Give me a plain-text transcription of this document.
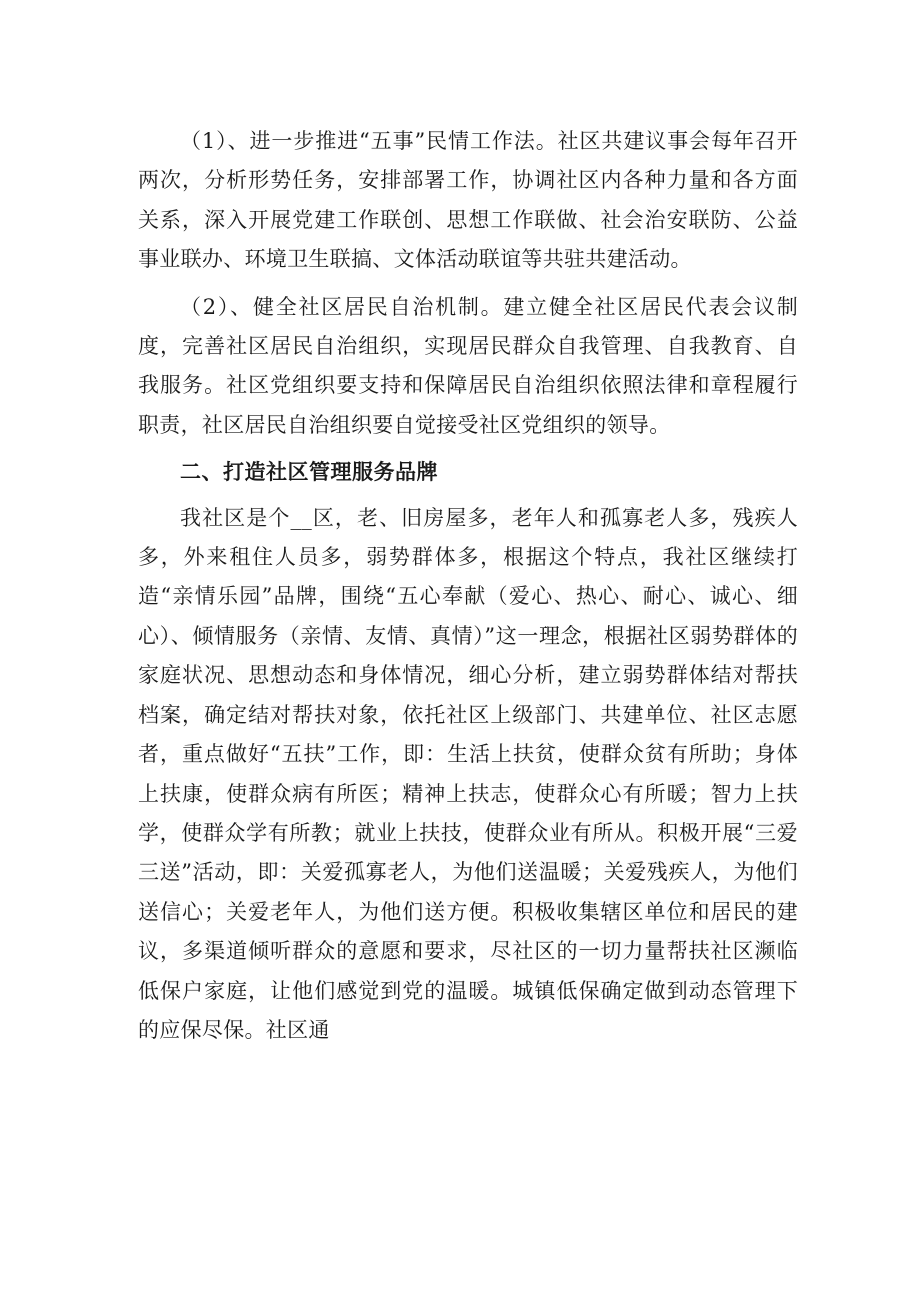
（1）、进一步推进“五事”民情工作法。社区共建议事会每年召开两次，分析形势任务，安排部署工作，协调社区内各种力量和各方面关系，深入开展党建工作联创、思想工作联做、社会治安联防、公益事业联办、环境卫生联搞、文体活动联谊等共驻共建活动。

（2）、健全社区居民自治机制。建立健全社区居民代表会议制度，完善社区居民自治组织，实现居民群众自我管理、自我教育、自我服务。社区党组织要支持和保障居民自治组织依照法律和章程履行职责，社区居民自治组织要自觉接受社区党组织的领导。

二、打造社区管理服务品牌

我社区是个__区，老、旧房屋多，老年人和孤寡老人多，残疾人多，外来租住人员多，弱势群体多，根据这个特点，我社区继续打造“亲情乐园”品牌，围绕“五心奉献（爱心、热心、耐心、诚心、细心）、倾情服务（亲情、友情、真情）”这一理念，根据社区弱势群体的家庭状况、思想动态和身体情况，细心分析，建立弱势群体结对帮扶档案，确定结对帮扶对象，依托社区上级部门、共建单位、社区志愿者，重点做好“五扶”工作，即：生活上扶贫，使群众贫有所助；身体上扶康，使群众病有所医；精神上扶志，使群众心有所暖；智力上扶学，使群众学有所教；就业上扶技，使群众业有所从。积极开展“三爱三送”活动，即：关爱孤寡老人，为他们送温暖；关爱残疾人，为他们送信心；关爱老年人，为他们送方便。积极收集辖区单位和居民的建议，多渠道倾听群众的意愿和要求，尽社区的一切力量帮扶社区濒临低保户家庭，让他们感觉到党的温暖。城镇低保确定做到动态管理下的应保尽保。社区通
